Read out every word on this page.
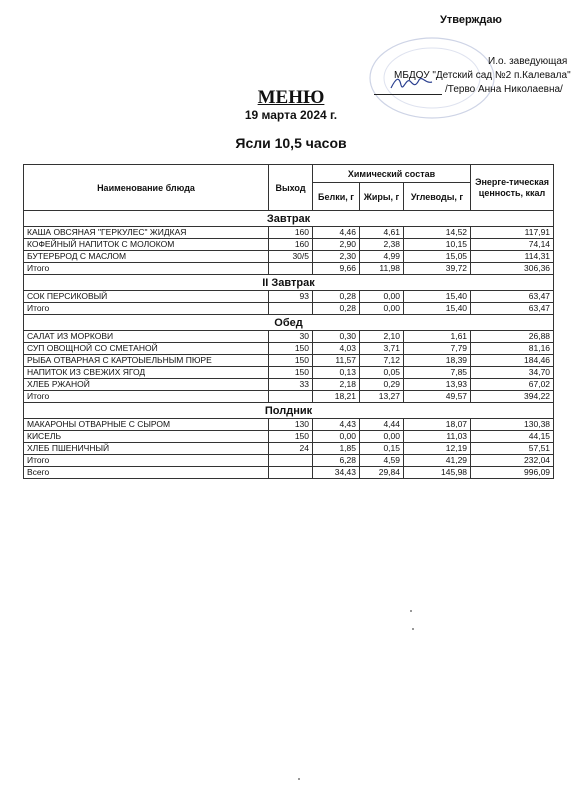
Утверждаю
И.о. заведующая
МБДОУ "Детский сад №2 п.Калевала"
/Терво Анна Николаевна/
МЕНЮ
19 марта 2024 г.
Ясли 10,5 часов
Наименование блюда	Выход	Химический состав			Энерге-тическая ценность, ккал
		Белки, г	Жиры, г	Углеводы, г	
Завтрак					
КАША ОВСЯНАЯ "ГЕРКУЛЕС" ЖИДКАЯ	160	4,46	4,61	14,52	117,91
КОФЕЙНЫЙ НАПИТОК С МОЛОКОМ	160	2,90	2,38	10,15	74,14
БУТЕРБРОД С МАСЛОМ	30/5	2,30	4,99	15,05	114,31
Итого		9,66	11,98	39,72	306,36
II Завтрак					
СОК ПЕРСИКОВЫЙ	93	0,28	0,00	15,40	63,47
Итого		0,28	0,00	15,40	63,47
Обед					
САЛАТ ИЗ МОРКОВИ	30	0,30	2,10	1,61	26,88
СУП ОВОЩНОЙ СО СМЕТАНОЙ	150	4,03	3,71	7,79	81,16
РЫБА ОТВАРНАЯ С КАРТОЫЕЛЬНЫМ ПЮРЕ	150	11,57	7,12	18,39	184,46
НАПИТОК ИЗ СВЕЖИХ ЯГОД	150	0,13	0,05	7,85	34,70
ХЛЕБ РЖАНОЙ	33	2,18	0,29	13,93	67,02
Итого		18,21	13,27	49,57	394,22
Полдник					
МАКАРОНЫ ОТВАРНЫЕ С СЫРОМ	130	4,43	4,44	18,07	130,38
КИСЕЛЬ	150	0,00	0,00	11,03	44,15
ХЛЕБ ПШЕНИЧНЫЙ	24	1,85	0,15	12,19	57,51
Итого		6,28	4,59	41,29	232,04
Всего		34,43	29,84	145,98	996,09
